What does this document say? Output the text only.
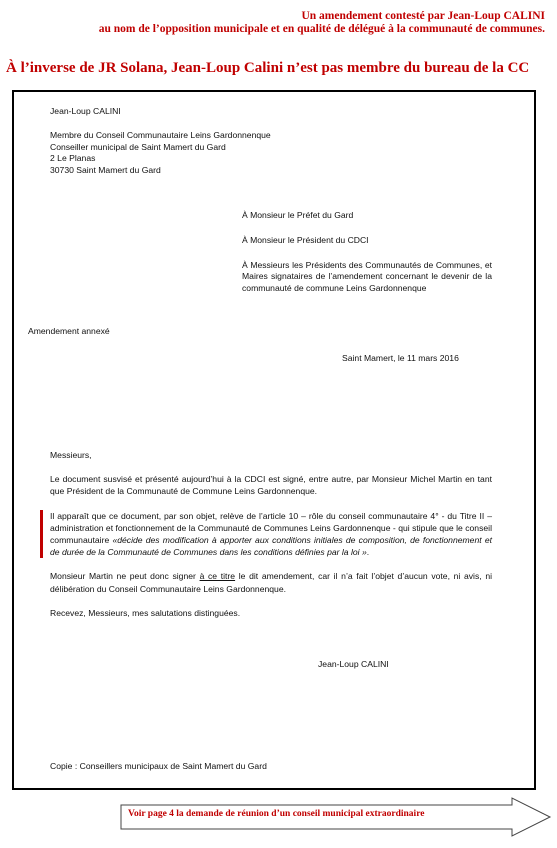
Un amendement contesté par Jean-Loup CALINI
au nom de l’opposition municipale et en qualité de délégué à la communauté de communes.
À l’inverse de JR Solana, Jean-Loup Calini n’est pas membre du bureau de la CC
Jean-Loup CALINI
Membre du Conseil Communautaire Leins Gardonnenque
Conseiller municipal de Saint Mamert du Gard
2 Le Planas
30730 Saint Mamert du Gard

À Monsieur le Préfet du Gard

À Monsieur le Président du CDCI

À Messieurs les Présidents des Communautés de Communes, et Maires signataires de l’amendement concernant le devenir de la communauté de commune Leins Gardonnenque

Amendement annexé
Saint Mamert, le 11 mars 2016

Messieurs,

Le document susvisé et présenté aujourd’hui à la CDCI est signé, entre autre, par Monsieur Michel Martin en tant que Président de la Communauté de Commune Leins Gardonnenque.

Il apparaît que ce document, par son objet, relève de l’article 10 – rôle du conseil communautaire 4° - du Titre II – administration et fonctionnement de la Communauté de Communes Leins Gardonnenque - qui stipule que le conseil communautaire «décide des modification à apporter aux conditions initiales de composition, de fonctionnement et de durée de la Communauté de Communes dans les conditions définies par la loi ».

Monsieur Martin ne peut donc signer à ce titre le dit amendement, car il n’a fait l’objet d’aucun vote, ni avis, ni délibération du Conseil Communautaire Leins Gardonnenque.

Recevez, Messieurs, mes salutations distinguées.

Jean-Loup CALINI
Copie : Conseillers municipaux de Saint Mamert du Gard
Voir page 4 la demande de réunion d’un conseil municipal extraordinaire
